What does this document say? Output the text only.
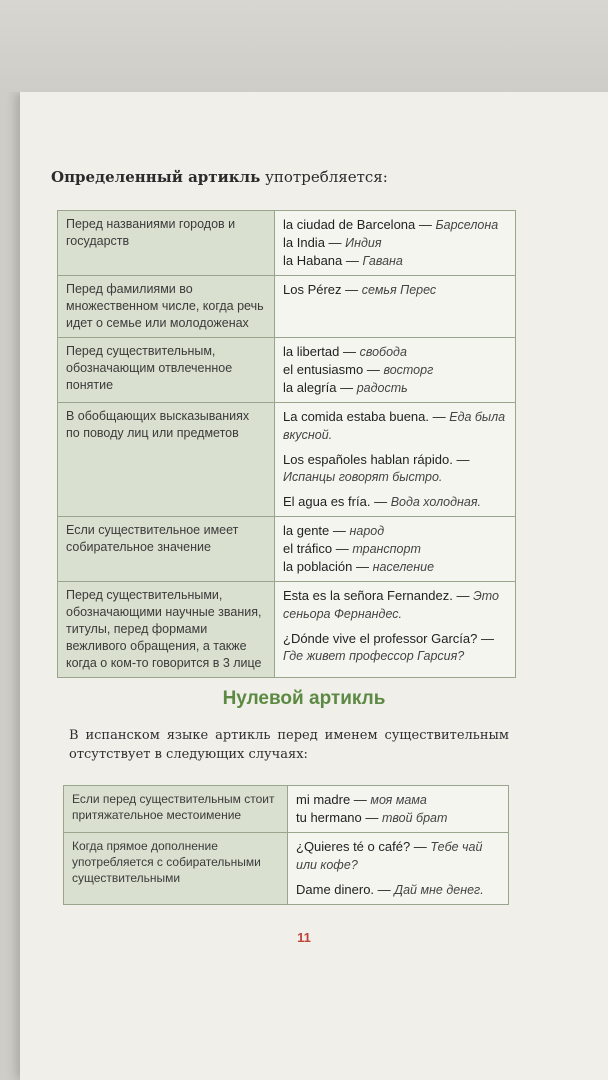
Определенный артикль употребляется:
Перед названиями городов и государств	la ciudad de Barcelona — Барселона
la India — Индия
la Habana — Гавана

Перед фамилиями во множественном числе, когда речь идет о семье или молодоженах	Los Pérez — семья Перес

Перед существительным, обозначающим отвлеченное понятие	la libertad — свобода
el entusiasmo — восторг
la alegría — радость

В обобщающих высказываниях по поводу лиц или предметов	La comida estaba buena. — Еда была вкусной.
Los españoles hablan rápido. — Испанцы говорят быстро.
El agua es fría. — Вода холодная.

Если существительное имеет собирательное значение	la gente — народ
el tráfico — транспорт
la población — население

Перед существительными, обозначающими научные звания, титулы, перед формами вежливого обращения, а также когда о ком-то говорится в 3 лице	Esta es la señora Fernandez. — Это сеньора Фернандес.
¿Dónde vive el professor García? — Где живет профессор Гарсия?
Нулевой артикль
В испанском языке артикль перед именем существительным отсутствует в следующих случаях:
Если перед существительным стоит притяжательное местоимение	mi madre — моя мама
tu hermano — твой брат

Когда прямое дополнение употребляется с собирательными существительными	¿Quieres té o café? — Тебе чай или кофе?
Dame dinero. — Дай мне денег.
11
